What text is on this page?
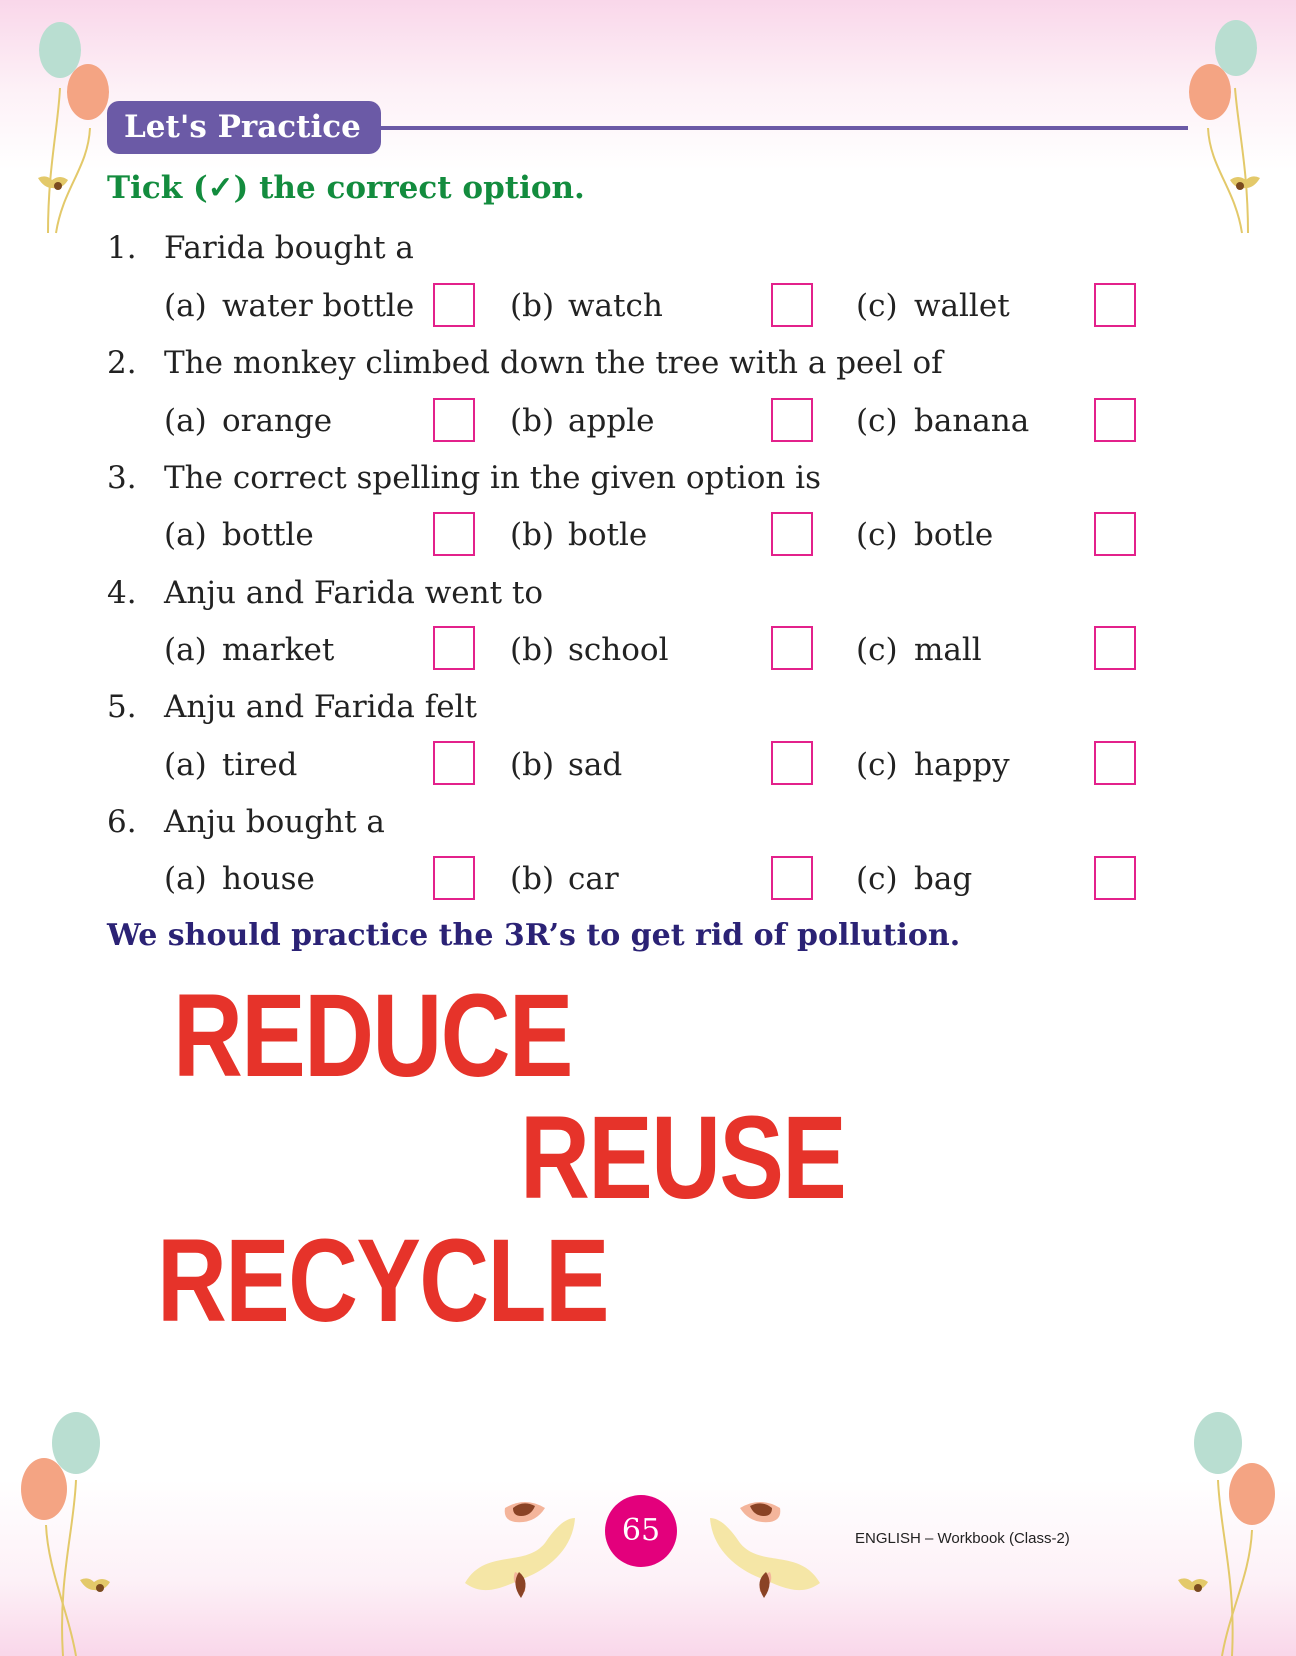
Let's Practice
Tick (✓) the correct option.
1. Farida bought a
(a) water bottle	(b) watch	(c) wallet
2. The monkey climbed down the tree with a peel of
(a) orange	(b) apple	(c) banana
3. The correct spelling in the given option is
(a) bottle	(b) botle	(c) botle
4. Anju and Farida went to
(a) market	(b) school	(c) mall
5. Anju and Farida felt
(a) tired	(b) sad	(c) happy
6. Anju bought a
(a) house	(b) car	(c) bag
We should practice the 3R’s to get rid of pollution.
REDUCE
REUSE
RECYCLE
65	ENGLISH – Workbook (Class-2)
